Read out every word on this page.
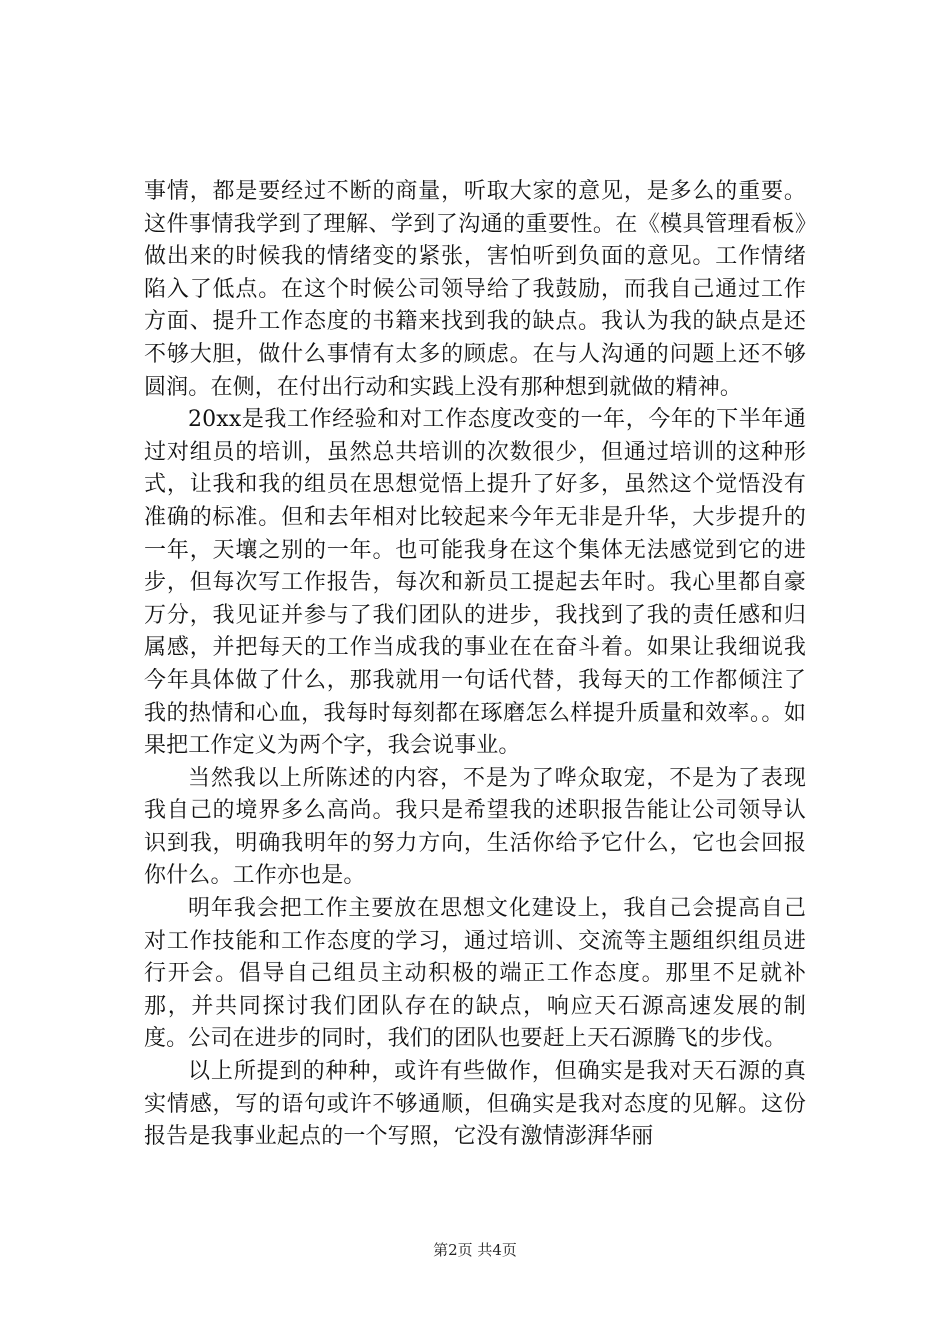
事情，都是要经过不断的商量，听取大家的意见，是多么的重要。这件事情我学到了理解、学到了沟通的重要性。在《模具管理看板》做出来的时候我的情绪变的紧张，害怕听到负面的意见。工作情绪陷入了低点。在这个时候公司领导给了我鼓励，而我自己通过工作方面、提升工作态度的书籍来找到我的缺点。我认为我的缺点是还不够大胆，做什么事情有太多的顾虑。在与人沟通的问题上还不够圆润。在侧，在付出行动和实践上没有那种想到就做的精神。

20xx是我工作经验和对工作态度改变的一年，今年的下半年通过对组员的培训，虽然总共培训的次数很少，但通过培训的这种形式，让我和我的组员在思想觉悟上提升了好多，虽然这个觉悟没有准确的标准。但和去年相对比较起来今年无非是升华，大步提升的一年，天壤之别的一年。也可能我身在这个集体无法感觉到它的进步，但每次写工作报告，每次和新员工提起去年时。我心里都自豪万分，我见证并参与了我们团队的进步，我找到了我的责任感和归属感，并把每天的工作当成我的事业在在奋斗着。如果让我细说我今年具体做了什么，那我就用一句话代替，我每天的工作都倾注了我的热情和心血，我每时每刻都在琢磨怎么样提升质量和效率。。如果把工作定义为两个字，我会说事业。

当然我以上所陈述的内容，不是为了哗众取宠，不是为了表现我自己的境界多么高尚。我只是希望我的述职报告能让公司领导认识到我，明确我明年的努力方向，生活你给予它什么，它也会回报你什么。工作亦也是。

明年我会把工作主要放在思想文化建设上，我自己会提高自己对工作技能和工作态度的学习，通过培训、交流等主题组织组员进行开会。倡导自己组员主动积极的端正工作态度。那里不足就补那，并共同探讨我们团队存在的缺点，响应天石源高速发展的制度。公司在进步的同时，我们的团队也要赶上天石源腾飞的步伐。

以上所提到的种种，或许有些做作，但确实是我对天石源的真实情感，写的语句或许不够通顺，但确实是我对态度的见解。这份报告是我事业起点的一个写照，它没有激情澎湃华丽

第2页 共4页
